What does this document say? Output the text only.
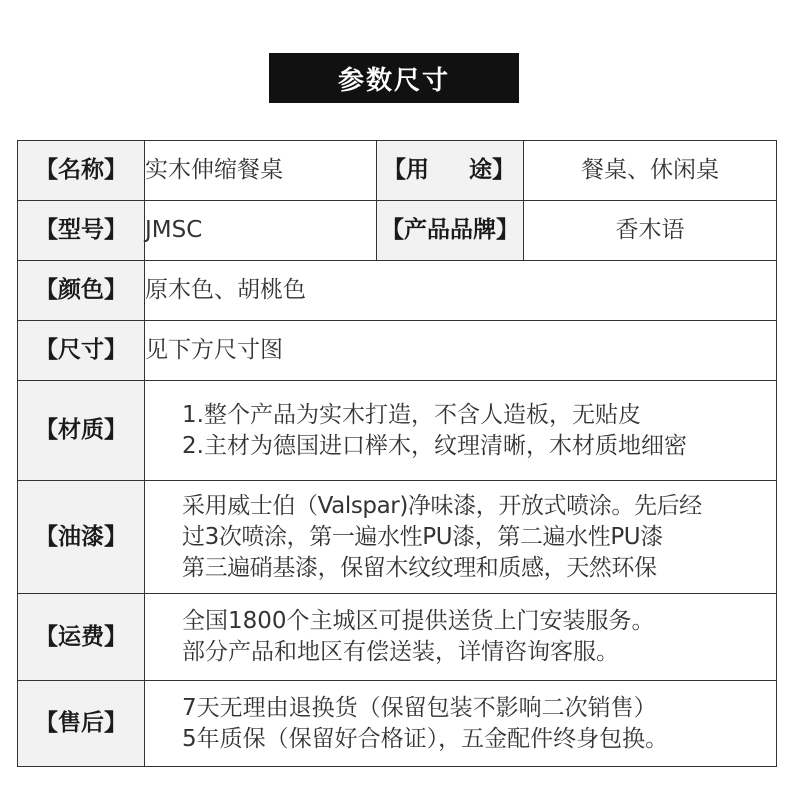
参数尺寸
【名称】	实木伸缩餐桌	【用 途】	餐桌、休闲桌
【型号】	JMSC	【产品品牌】	香木语
【颜色】	原木色、胡桃色		
【尺寸】	见下方尺寸图		
【材质】	1.整个产品为实木打造，不含人造板，无贴皮
2.主材为德国进口榉木，纹理清晰，木材质地细密		

【油漆】	采用威士伯（Valspar)净味漆，开放式喷涂。先后经
过3次喷涂，第一遍水性PU漆，第二遍水性PU漆
第三遍硝基漆，保留木纹纹理和质感，天然环保		

【运费】	全国1800个主城区可提供送货上门安装服务。
部分产品和地区有偿送装，详情咨询客服。		

【售后】	7天无理由退换货（保留包装不影响二次销售）
5年质保（保留好合格证），五金配件终身包换。		
